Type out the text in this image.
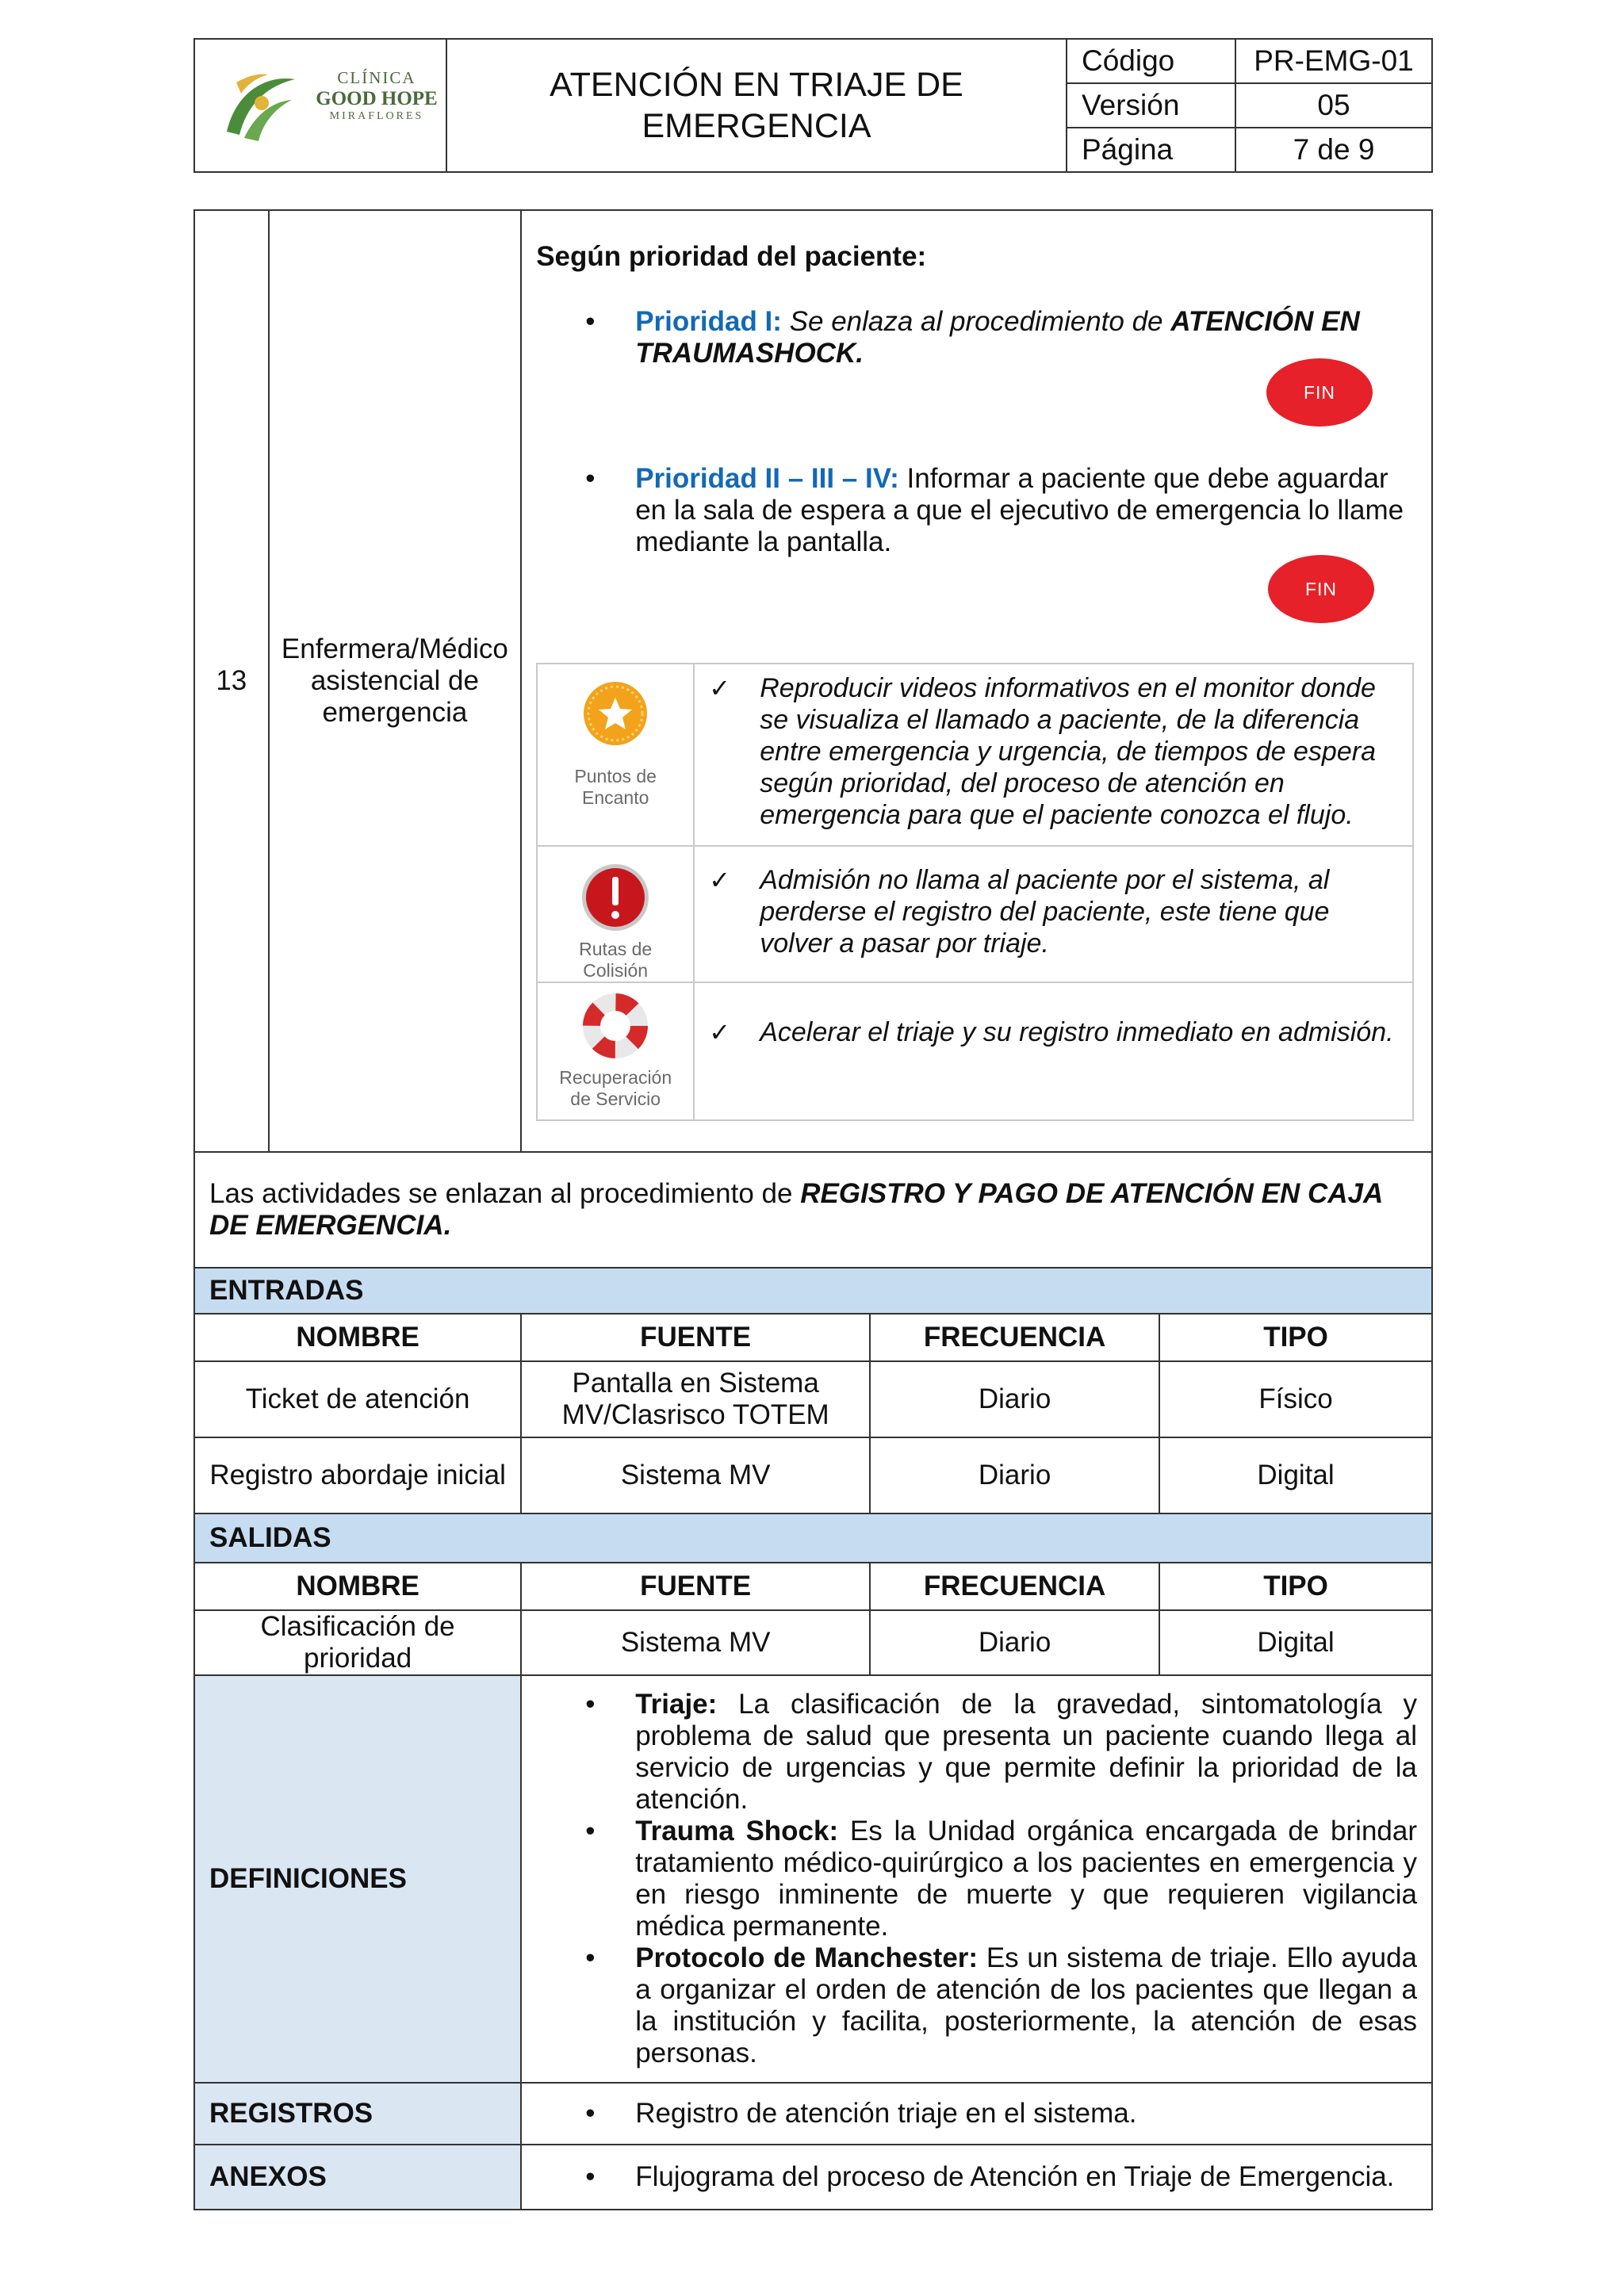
CLÍNICA
GOOD HOPE
MIRAFLORES	ATENCIÓN EN TRIAJE DE EMERGENCIA	Código	PR-EMG-01
		Versión	05
		Página	7 de 9
13	Enfermera/Médico asistencial de emergencia	
Según prioridad del paciente:
• Prioridad I: Se enlaza al procedimiento de ATENCIÓN EN TRAUMASHOCK.
FIN
• Prioridad II – III – IV: Informar a paciente que debe aguardar en la sala de espera a que el ejecutivo de emergencia lo llame mediante la pantalla.
FIN
Puntos de Encanto

✓ Reproducir videos informativos en el monitor donde se visualiza el llamado a paciente, de la diferencia entre emergencia y urgencia, de tiempos de espera según prioridad, del proceso de atención en emergencia para que el paciente conozca el flujo.

Rutas de Colisión

✓ Admisión no llama al paciente por el sistema, al perderse el registro del paciente, este tiene que volver a pasar por triaje.

Recuperación de Servicio

✓ Acelerar el triaje y su registro inmediato en admisión.

Las actividades se enlazan al procedimiento de REGISTRO Y PAGO DE ATENCIÓN EN CAJA DE EMERGENCIA.
ENTRADAS
NOMBRE	FUENTE	FRECUENCIA	TIPO
Ticket de atención	Pantalla en Sistema MV/Clasrisco TOTEM	Diario	Físico
Registro abordaje inicial	Sistema MV	Diario	Digital
SALIDAS
NOMBRE	FUENTE	FRECUENCIA	TIPO
Clasificación de prioridad	Sistema MV	Diario	Digital
DEFINICIONES	
• Triaje: La clasificación de la gravedad, sintomatología y problema de salud que presenta un paciente cuando llega al servicio de urgencias y que permite definir la prioridad de la atención.
• Trauma Shock: Es la Unidad orgánica encargada de brindar tratamiento médico-quirúrgico a los pacientes en emergencia y en riesgo inminente de muerte y que requieren vigilancia médica permanente.
• Protocolo de Manchester: Es un sistema de triaje. Ello ayuda a organizar el orden de atención de los pacientes que llegan a la institución y facilita, posteriormente, la atención de esas personas.

REGISTROS	• Registro de atención triaje en el sistema.

ANEXOS	• Flujograma del proceso de Atención en Triaje de Emergencia.
